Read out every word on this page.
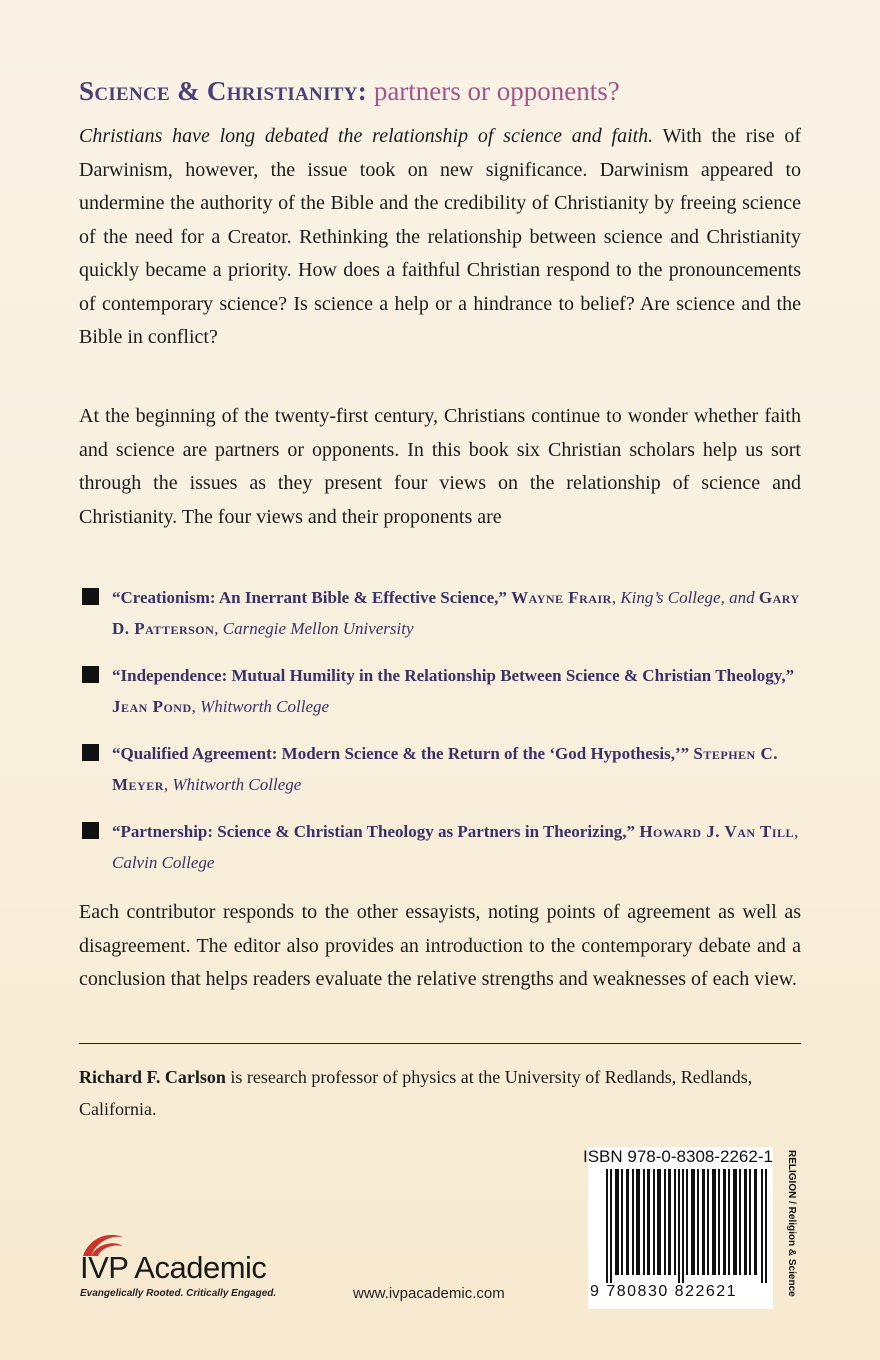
Science & Christianity: partners or opponents?
Christians have long debated the relationship of science and faith. With the rise of Darwinism, however, the issue took on new significance. Darwinism appeared to undermine the authority of the Bible and the credibility of Christianity by freeing science of the need for a Creator. Rethinking the relationship between science and Christianity quickly became a priority. How does a faithful Christian respond to the pronouncements of contemporary science? Is science a help or a hindrance to belief? Are science and the Bible in conflict?
At the beginning of the twenty-first century, Christians continue to wonder whether faith and science are partners or opponents. In this book six Christian scholars help us sort through the issues as they present four views on the relationship of science and Christianity. The four views and their proponents are
“Creationism: An Inerrant Bible & Effective Science,” Wayne Frair, King’s College, and Gary D. Patterson, Carnegie Mellon University
“Independence: Mutual Humility in the Relationship Between Science & Christian Theology,” Jean Pond, Whitworth College
“Qualified Agreement: Modern Science & the Return of the ‘God Hypothesis,’” Stephen C. Meyer, Whitworth College
“Partnership: Science & Christian Theology as Partners in Theorizing,” Howard J. Van Till, Calvin College
Each contributor responds to the other essayists, noting points of agreement as well as disagreement. The editor also provides an introduction to the contemporary debate and a conclusion that helps readers evaluate the relative strengths and weaknesses of each view.
Richard F. Carlson is research professor of physics at the University of Redlands, Redlands, California.
IVP Academic
Evangelically Rooted. Critically Engaged.	www.ivpacademic.com
ISBN 978-0-8308-2262-1
9 780830 822621	RELIGION / Religion & Science
